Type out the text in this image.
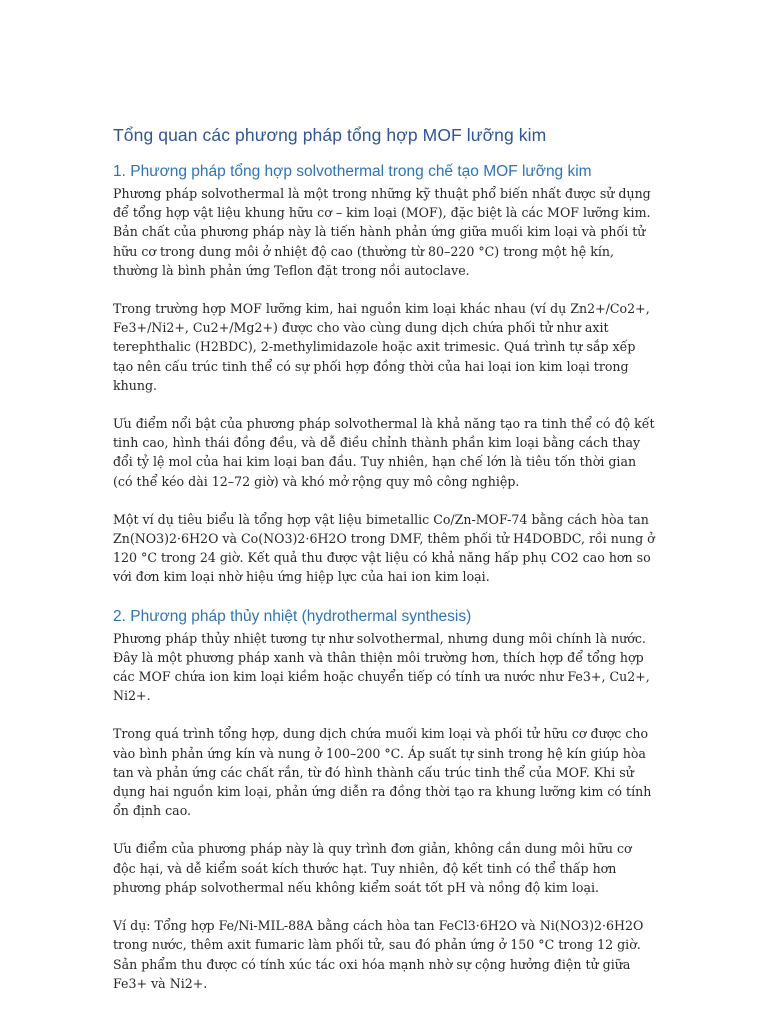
Tổng quan các phương pháp tổng hợp MOF lưỡng kim
1. Phương pháp tổng hợp solvothermal trong chế tạo MOF lưỡng kim

Phương pháp solvothermal là một trong những kỹ thuật phổ biến nhất được sử dụng để tổng hợp vật liệu khung hữu cơ – kim loại (MOF), đặc biệt là các MOF lưỡng kim. Bản chất của phương pháp này là tiến hành phản ứng giữa muối kim loại và phối tử hữu cơ trong dung môi ở nhiệt độ cao (thường từ 80–220 °C) trong một hệ kín, thường là bình phản ứng Teflon đặt trong nồi autoclave.

Trong trường hợp MOF lưỡng kim, hai nguồn kim loại khác nhau (ví dụ Zn2+/Co2+, Fe3+/Ni2+, Cu2+/Mg2+) được cho vào cùng dung dịch chứa phối tử như axit terephthalic (H2BDC), 2-methylimidazole hoặc axit trimesic. Quá trình tự sắp xếp tạo nên cấu trúc tinh thể có sự phối hợp đồng thời của hai loại ion kim loại trong khung.

Ưu điểm nổi bật của phương pháp solvothermal là khả năng tạo ra tinh thể có độ kết tinh cao, hình thái đồng đều, và dễ điều chỉnh thành phần kim loại bằng cách thay đổi tỷ lệ mol của hai kim loại ban đầu. Tuy nhiên, hạn chế lớn là tiêu tốn thời gian (có thể kéo dài 12–72 giờ) và khó mở rộng quy mô công nghiệp.

Một ví dụ tiêu biểu là tổng hợp vật liệu bimetallic Co/Zn-MOF-74 bằng cách hòa tan Zn(NO3)2·6H2O và Co(NO3)2·6H2O trong DMF, thêm phối tử H4DOBDC, rồi nung ở 120 °C trong 24 giờ. Kết quả thu được vật liệu có khả năng hấp phụ CO2 cao hơn so với đơn kim loại nhờ hiệu ứng hiệp lực của hai ion kim loại.

2. Phương pháp thủy nhiệt (hydrothermal synthesis)

Phương pháp thủy nhiệt tương tự như solvothermal, nhưng dung môi chính là nước. Đây là một phương pháp xanh và thân thiện môi trường hơn, thích hợp để tổng hợp các MOF chứa ion kim loại kiềm hoặc chuyển tiếp có tính ưa nước như Fe3+, Cu2+, Ni2+.

Trong quá trình tổng hợp, dung dịch chứa muối kim loại và phối tử hữu cơ được cho vào bình phản ứng kín và nung ở 100–200 °C. Áp suất tự sinh trong hệ kín giúp hòa tan và phản ứng các chất rắn, từ đó hình thành cấu trúc tinh thể của MOF. Khi sử dụng hai nguồn kim loại, phản ứng diễn ra đồng thời tạo ra khung lưỡng kim có tính ổn định cao.

Ưu điểm của phương pháp này là quy trình đơn giản, không cần dung môi hữu cơ độc hại, và dễ kiểm soát kích thước hạt. Tuy nhiên, độ kết tinh có thể thấp hơn phương pháp solvothermal nếu không kiểm soát tốt pH và nồng độ kim loại.

Ví dụ: Tổng hợp Fe/Ni-MIL-88A bằng cách hòa tan FeCl3·6H2O và Ni(NO3)2·6H2O trong nước, thêm axit fumaric làm phối tử, sau đó phản ứng ở 150 °C trong 12 giờ. Sản phẩm thu được có tính xúc tác oxi hóa mạnh nhờ sự cộng hưởng điện tử giữa Fe3+ và Ni2+.
